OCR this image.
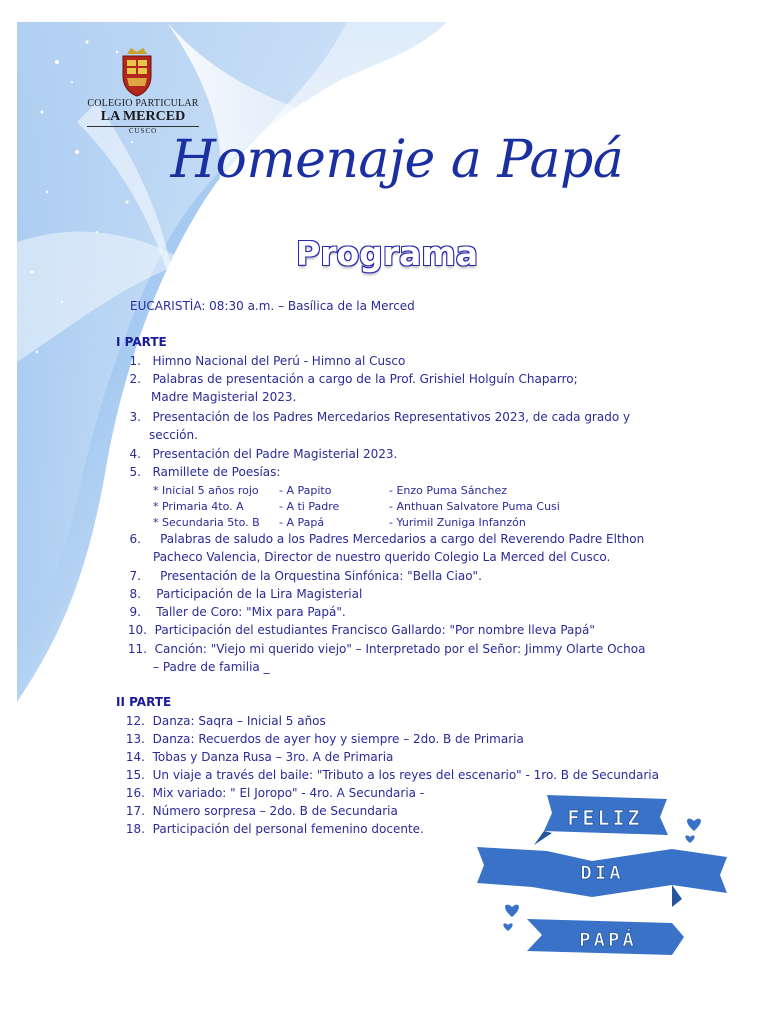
COLEGIO PARTICULAR
LA MERCED
CUSCO Homenaje a Papá
Programa
EUCARISTÌA: 08:30 a.m. – Basílica de la Merced
I PARTE
1. Himno Nacional del Perú - Himno al Cusco
2. Palabras de presentación a cargo de la Prof. Grishiel Holguín Chaparro;
Madre Magisterial 2023.
3. Presentación de los Padres Mercedarios Representativos 2023, de cada grado y
sección.
4. Presentación del Padre Magisterial 2023.
5. Ramillete de Poesías:
* Inicial 5 años rojo - A Papito	- Enzo Puma Sánchez
* Primaria 4to. A	- A ti Padre	- Anthuan Salvatore Puma Cusi
* Secundaria 5to. B - A Papá	- Yurimil Zuniga Infanzón
6. Palabras de saludo a los Padres Mercedarios a cargo del Reverendo Padre Elthon
Pacheco Valencia, Director de nuestro querido Colegio La Merced del Cusco.
7. Presentación de la Orquestina Sinfónica: "Bella Ciao".
8. Participación de la Lira Magisterial
9. Taller de Coro: "Mix para Papá".
10. Participación del estudiantes Francisco Gallardo: "Por nombre lleva Papá"
11. Canción: "Viejo mi querido viejo" – Interpretado por el Señor: Jimmy Olarte Ochoa
– Padre de familia _
II PARTE
12. Danza: Saqra – Inicial 5 años
13. Danza: Recuerdos de ayer hoy y siempre – 2do. B de Primaria
14. Tobas y Danza Rusa – 3ro. A de Primaria
15. Un viaje a través del baile: "Tributo a los reyes del escenario" - 1ro. B de Secundaria
16. Mix variado: " El Joropo" - 4ro. A Secundaria -
17. Número sorpresa – 2do. B de Secundaria
18. Participación del personal femenino docente.	FELIZ
DIA
PAPÁ
